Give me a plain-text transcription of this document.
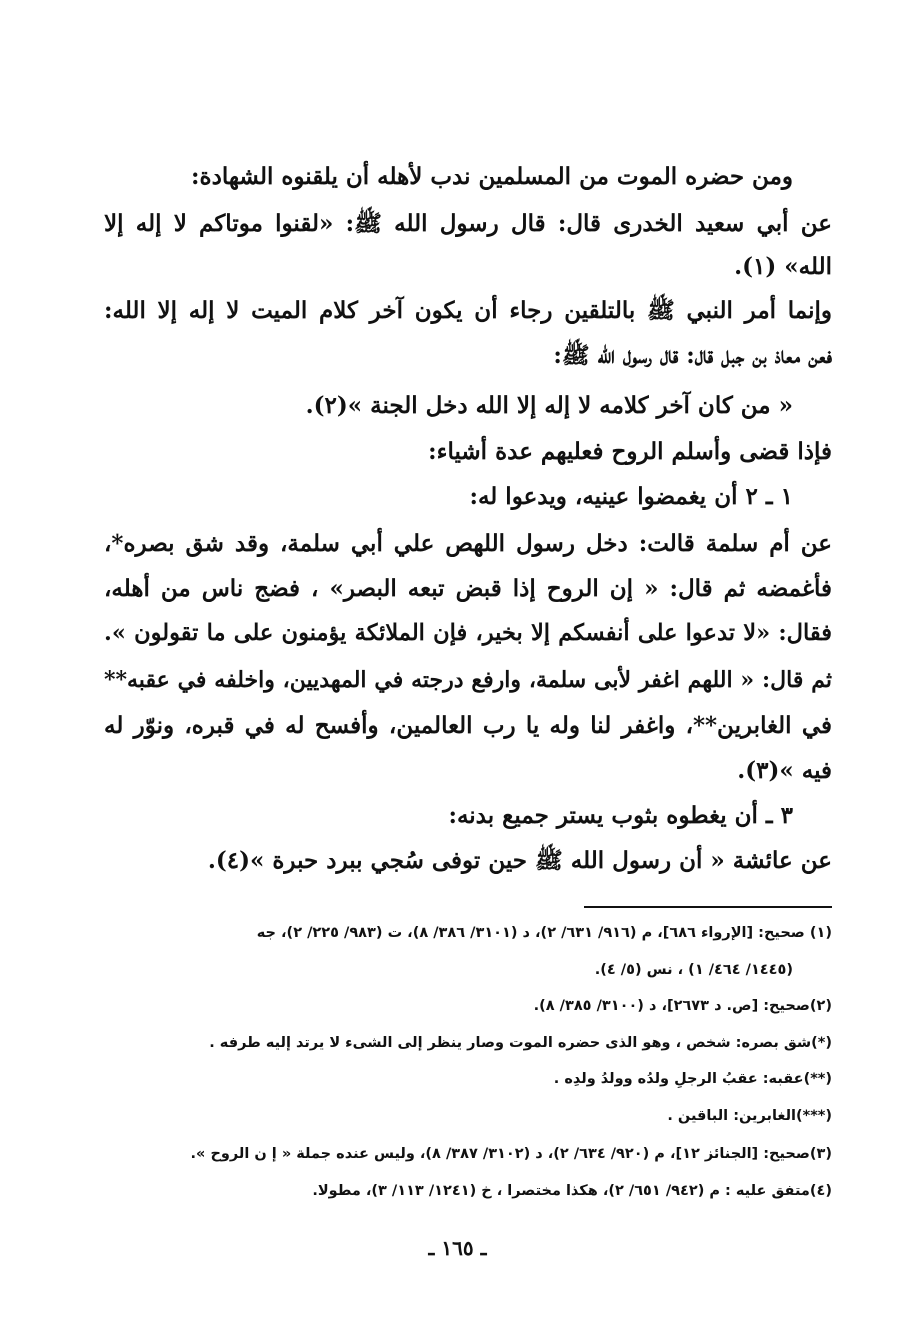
ومن حضره الموت من المسلمين ندب لأهله أن يلقنوه الشهادة:
عن أبي سعيد الخدرى قال: قال رسول الله ﷺ: «لقنوا موتاكم لا إله إلا
الله» (١).
وإنما أمر النبي ﷺ بالتلقين رجاء أن يكون آخر كلام الميت لا إله إلا الله:
فعن معاذ بن جبل قال: قال رسول الله ﷺ:
« من كان آخر كلامه لا إله إلا الله دخل الجنة »(٢).
فإذا قضى وأسلم الروح فعليهم عدة أشياء:
١ ـ ٢ أن يغمضوا عينيه، ويدعوا له:
عن أم سلمة قالت: دخل رسول اللهص علي أبي سلمة، وقد شق بصره*،
فأغمضه ثم قال: « إن الروح إذا قبض تبعه البصر» ، فضج ناس من أهله،
فقال: «لا تدعوا على أنفسكم إلا بخير، فإن الملائكة يؤمنون على ما تقولون ».
ثم قال: « اللهم اغفر لأبى سلمة، وارفع درجته في المهديين، واخلفه في عقبه**
في الغابرين**، واغفر لنا وله يا رب العالمين، وأفسح له في قبره، ونوّر له
فيه »(٣).
٣ ـ أن يغطوه بثوب يستر جميع بدنه:
عن عائشة « أن رسول الله ﷺ حين توفى سُجي ببرد حبرة »(٤).
(١) صحيح: [الإرواء ٦٨٦]، م (٩١٦/ ٦٣١/ ٢)، د (٣١٠١/ ٣٨٦/ ٨)، ت (٩٨٣/ ٢٢٥/ ٢)، جه
(١٤٤٥/ ٤٦٤/ ١) ، نس (٥/ ٤).
(٢)صحيح: [ص. د ٢٦٧٣]، د (٣١٠٠/ ٣٨٥/ ٨).
(*)شق بصره: شخص ، وهو الذى حضره الموت وصار ينظر إلى الشىء لا يرتد إليه طرفه .
(**)عقبه: عقبُ الرجلِ ولدُه وولدُ ولدِه .
(***)الغابرين: الباقين .
(٣)صحيح: [الجنائز ١٢]، م (٩٢٠/ ٦٣٤/ ٢)، د (٣١٠٢/ ٣٨٧/ ٨)، وليس عنده جملة « إ ن الروح ».
(٤)متفق عليه : م (٩٤٢/ ٦٥١/ ٢)، هكذا مختصرا ، خ (١٢٤١/ ١١٣/ ٣)، مطولا.
ـ ١٦٥ ـ
